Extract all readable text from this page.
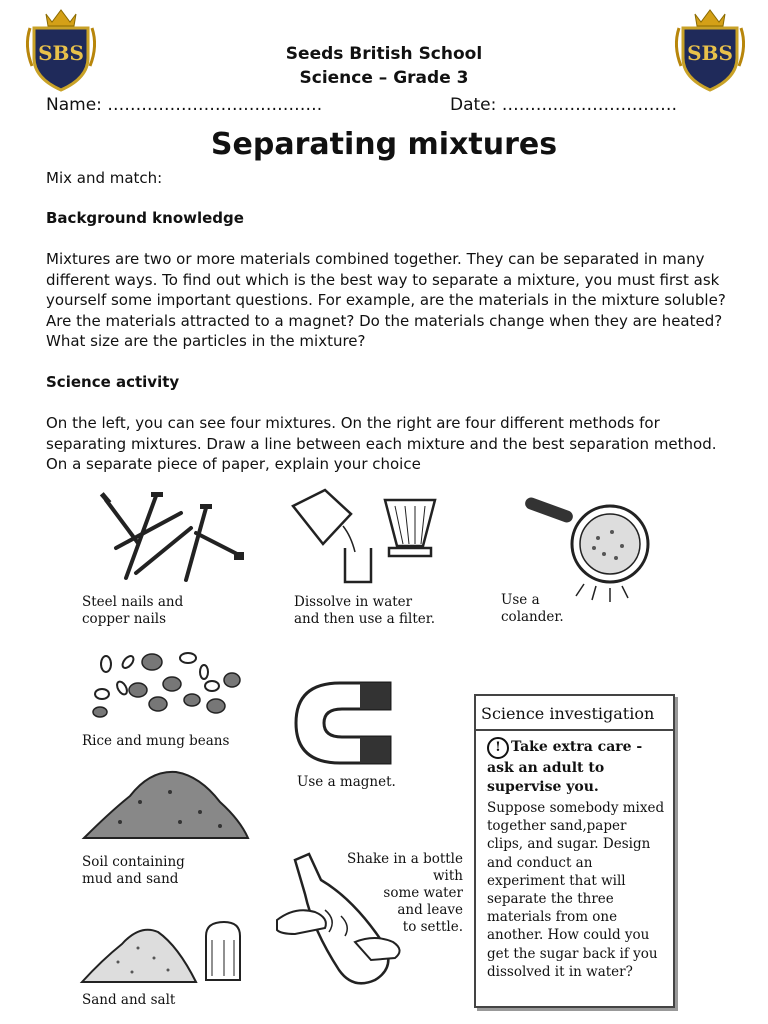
SBS	SBS
Seeds British School
Science – Grade 3
Name: …………………….………….	Date: ……….…………………
Separating mixtures
Mix and match:
Background knowledge
Mixtures are two or more materials combined together. They can be separated in many different ways. To find out which is the best way to separate a mixture, you must first ask yourself some important questions. For example, are the materials in the mixture soluble? Are the materials attracted to a magnet? Do the materials change when they are heated? What size are the particles in the mixture?
Science activity
On the left, you can see four mixtures. On the right are four different methods for separating mixtures. Draw a line between each mixture and the best separation method. On a separate piece of paper, explain your choice
Steel nails and
copper nails
Dissolve in water
and then use a filter.
Use a
colander.
Rice and mung beans
Use a magnet.
Soil containing
mud and sand
Shake in a bottle with
some water
and leave
to settle.
Sand and salt
Science investigation
! Take extra care -
ask an adult to
supervise you.
Suppose somebody mixed together sand,paper clips, and sugar. Design and conduct an experiment that will separate the three materials from one another. How could you get the sugar back if you dissolved it in water?
